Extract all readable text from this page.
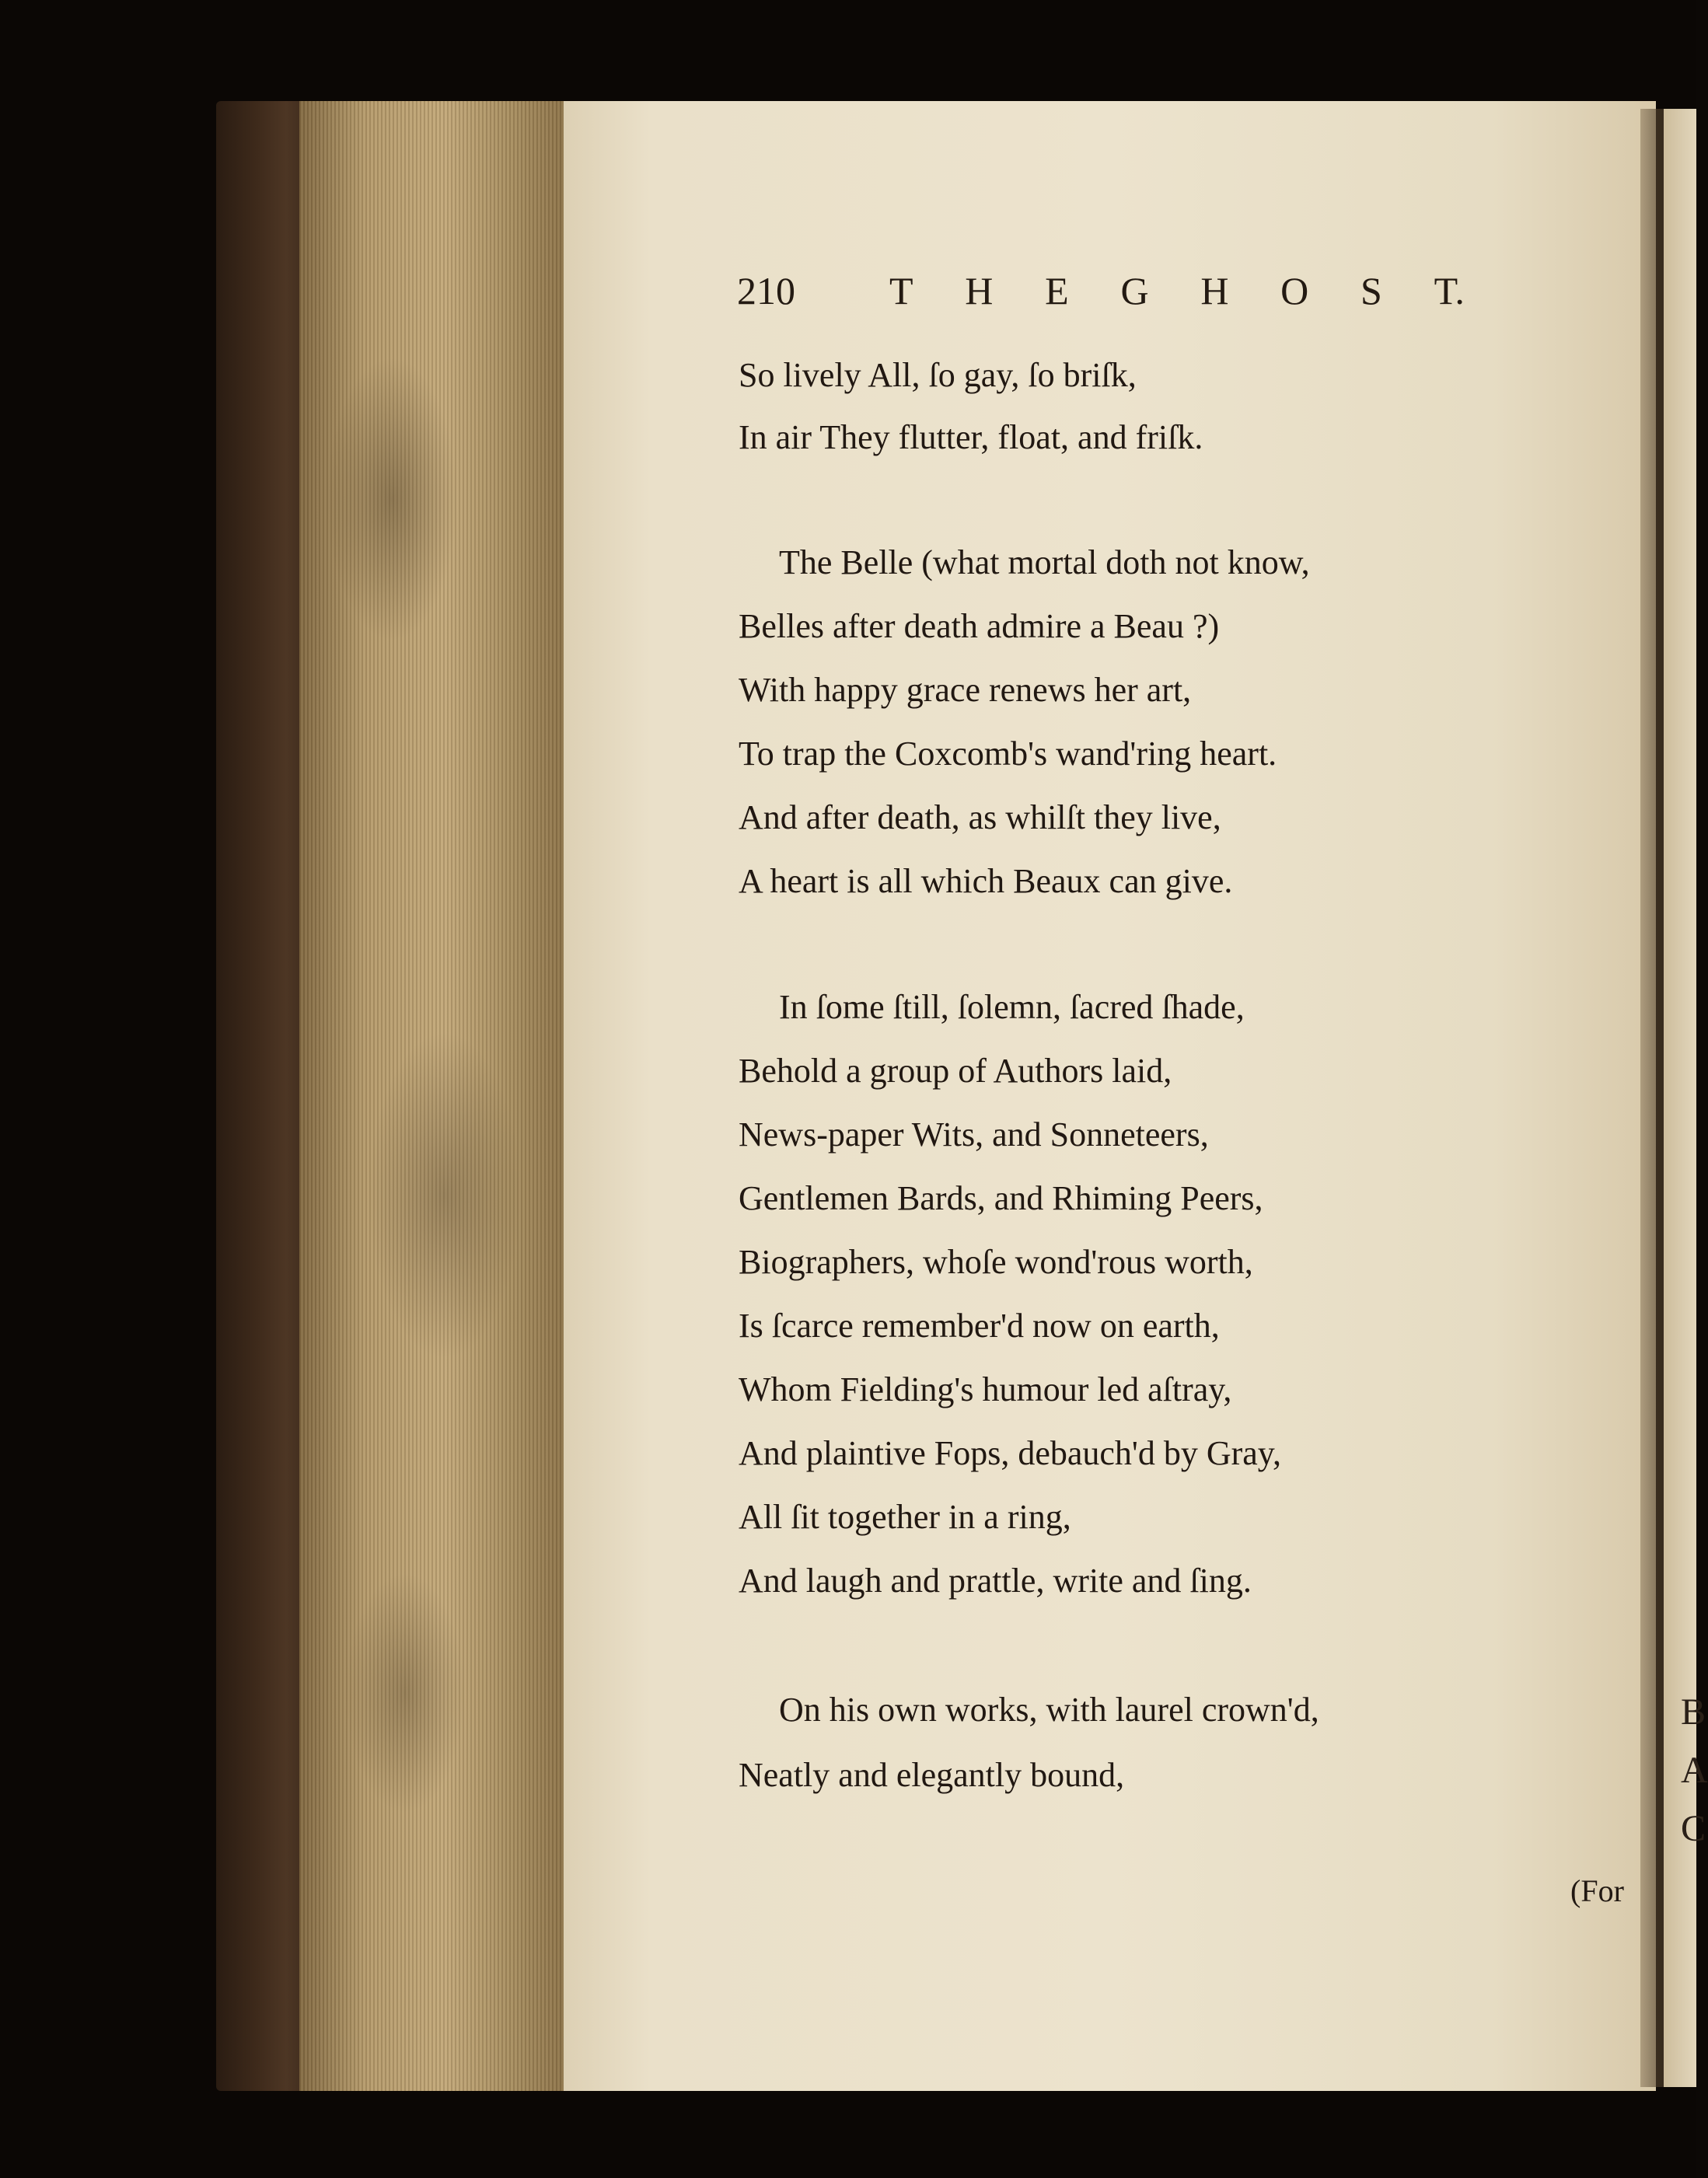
B
A
C
210 T H E G H O S T.
So lively All, ſo gay, ſo briſk,
In air They flutter, float, and friſk.
The Belle (what mortal doth not know,
Belles after death admire a Beau ?)
With happy grace renews her art,
To trap the Coxcomb's wand'ring heart.
And after death, as whilſt they live,
A heart is all which Beaux can give.
In ſome ſtill, ſolemn, ſacred ſhade,
Behold a group of Authors laid,
News-paper Wits, and Sonneteers,
Gentlemen Bards, and Rhiming Peers,
Biographers, whoſe wond'rous worth,
Is ſcarce remember'd now on earth,
Whom Fielding's humour led aſtray,
And plaintive Fops, debauch'd by Gray,
All ſit together in a ring,
And laugh and prattle, write and ſing.
On his own works, with laurel crown'd,
Neatly and elegantly bound,
(For
